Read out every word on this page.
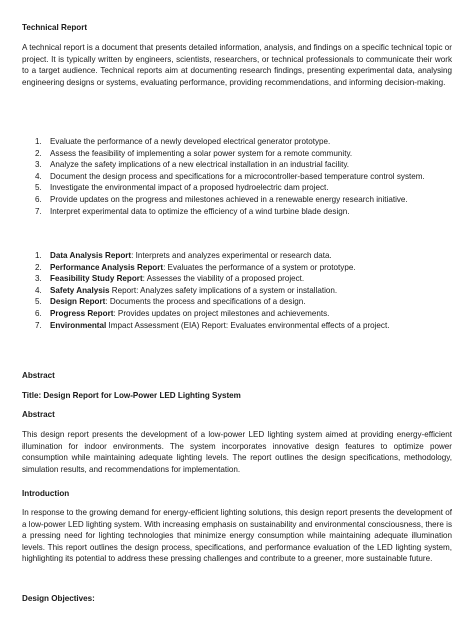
Technical Report

A technical report is a document that presents detailed information, analysis, and findings on a specific technical topic or project. It is typically written by engineers, scientists, researchers, or technical professionals to communicate their work to a target audience. Technical reports aim at documenting research findings, presenting experimental data, analysing engineering designs or systems, evaluating performance, providing recommendations, and informing decision-making.

1. Evaluate the performance of a newly developed electrical generator prototype.
2. Assess the feasibility of implementing a solar power system for a remote community.
3. Analyze the safety implications of a new electrical installation in an industrial facility.
4. Document the design process and specifications for a microcontroller-based temperature control system.
5. Investigate the environmental impact of a proposed hydroelectric dam project.
6. Provide updates on the progress and milestones achieved in a renewable energy research initiative.
7. Interpret experimental data to optimize the efficiency of a wind turbine blade design.
1. Data Analysis Report: Interprets and analyzes experimental or research data.
2. Performance Analysis Report: Evaluates the performance of a system or prototype.
3. Feasibility Study Report: Assesses the viability of a proposed project.
4. Safety Analysis Report: Analyzes safety implications of a system or installation.
5. Design Report: Documents the process and specifications of a design.
6. Progress Report: Provides updates on project milestones and achievements.
7. Environmental Impact Assessment (EIA) Report: Evaluates environmental effects of a project.

Abstract

Title: Design Report for Low-Power LED Lighting System

Abstract

This design report presents the development of a low-power LED lighting system aimed at providing energy-efficient illumination for indoor environments. The system incorporates innovative design features to optimize power consumption while maintaining adequate lighting levels. The report outlines the design specifications, methodology, simulation results, and recommendations for implementation.

Introduction

In response to the growing demand for energy-efficient lighting solutions, this design report presents the development of a low-power LED lighting system. With increasing emphasis on sustainability and environmental consciousness, there is a pressing need for lighting technologies that minimize energy consumption while maintaining adequate illumination levels. This report outlines the design process, specifications, and performance evaluation of the LED lighting system, highlighting its potential to address these pressing challenges and contribute to a greener, more sustainable future.

Design Objectives:
